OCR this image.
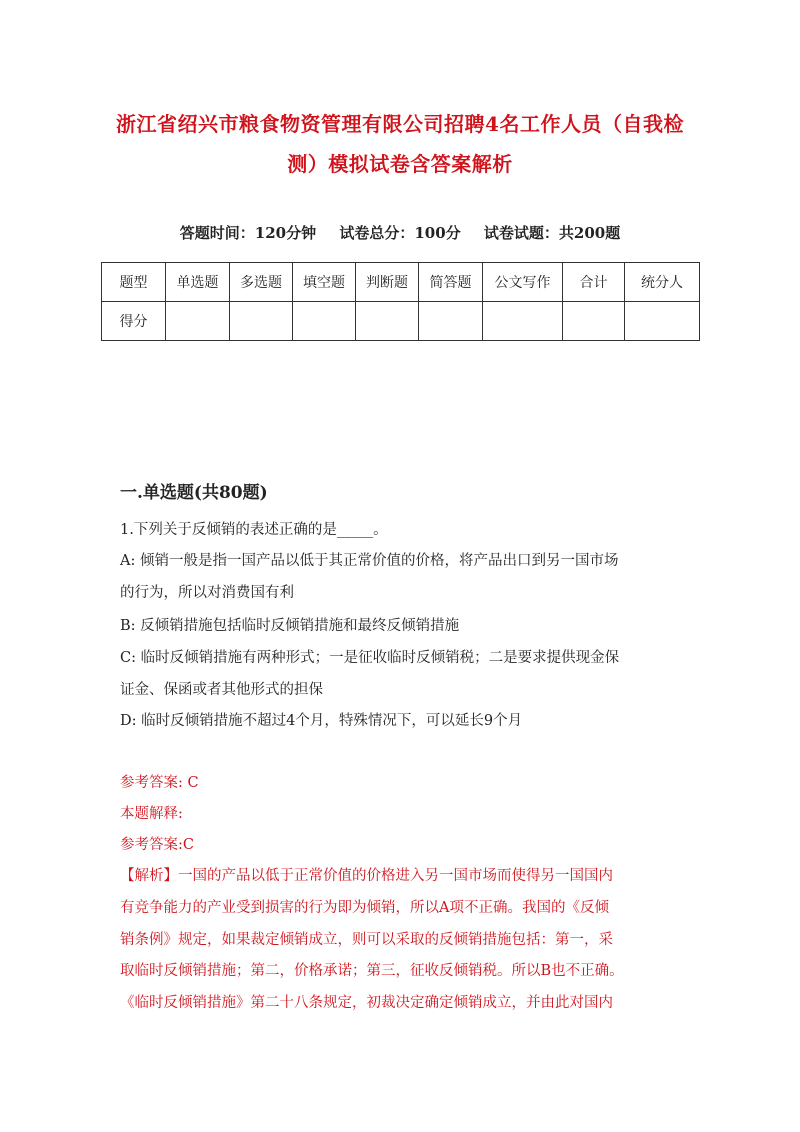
浙江省绍兴市粮食物资管理有限公司招聘4名工作人员（自我检
测）模拟试卷含答案解析
答题时间：120分钟 试卷总分：100分 试卷试题：共200题
题型	单选题	多选题	填空题	判断题	简答题	公文写作	合计	统分人
得分								
一.单选题(共80题)
1.下列关于反倾销的表述正确的是_____。
A: 倾销一般是指一国产品以低于其正常价值的价格，将产品出口到另一国市场
的行为，所以对消费国有利
B: 反倾销措施包括临时反倾销措施和最终反倾销措施
C: 临时反倾销措施有两种形式；一是征收临时反倾销税；二是要求提供现金保
证金、保函或者其他形式的担保
D: 临时反倾销措施不超过4个月，特殊情况下，可以延长9个月
参考答案: C
本题解释:
参考答案:C
【解析】一国的产品以低于正常价值的价格进入另一国市场而使得另一国国内
有竞争能力的产业受到损害的行为即为倾销，所以A项不正确。我国的《反倾
销条例》规定，如果裁定倾销成立，则可以采取的反倾销措施包括：第一，采
取临时反倾销措施；第二，价格承诺；第三，征收反倾销税。所以B也不正确。
《临时反倾销措施》第二十八条规定，初裁决定确定倾销成立，并由此对国内
